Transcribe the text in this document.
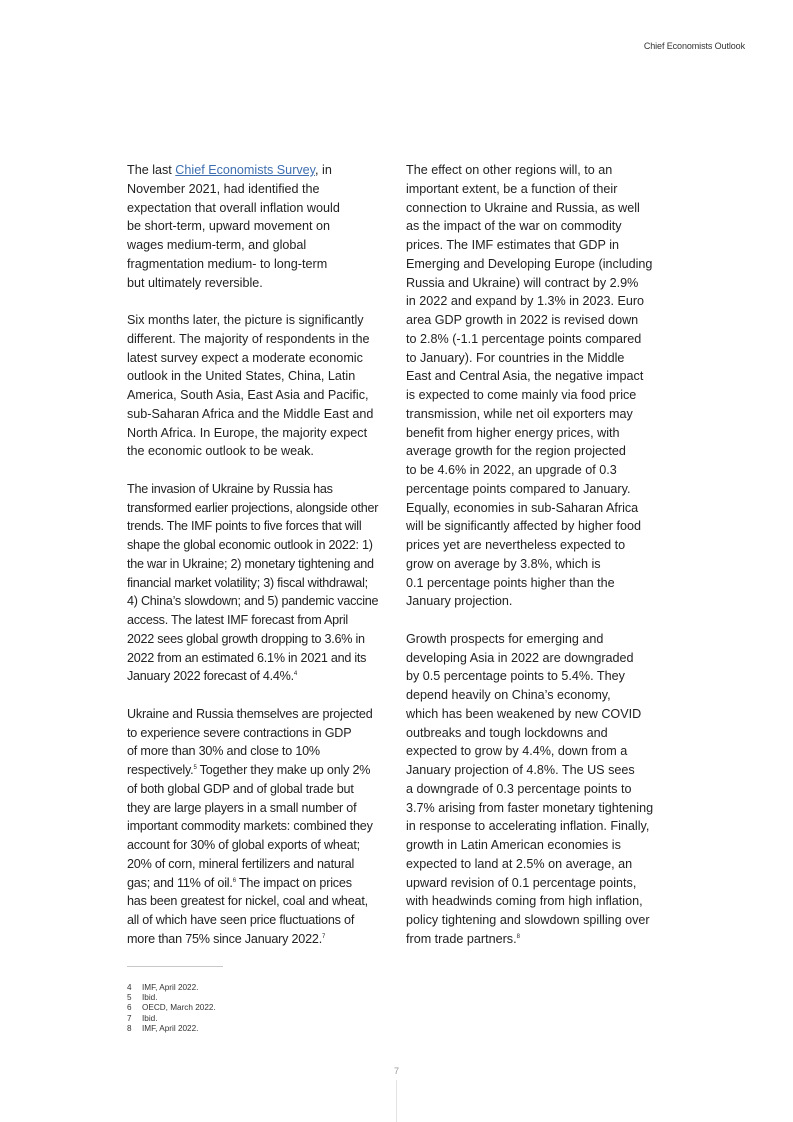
Chief Economists Outlook

The last Chief Economists Survey, in
November 2021, had identified the
expectation that overall inflation would
be short-term, upward movement on
wages medium-term, and global
fragmentation medium- to long-term
but ultimately reversible.

Six months later, the picture is significantly
different. The majority of respondents in the
latest survey expect a moderate economic
outlook in the United States, China, Latin
America, South Asia, East Asia and Pacific,
sub-Saharan Africa and the Middle East and
North Africa. In Europe, the majority expect
the economic outlook to be weak.

The invasion of Ukraine by Russia has
transformed earlier projections, alongside other
trends. The IMF points to five forces that will
shape the global economic outlook in 2022: 1)
the war in Ukraine; 2) monetary tightening and
financial market volatility; 3) fiscal withdrawal;
4) China’s slowdown; and 5) pandemic vaccine
access. The latest IMF forecast from April
2022 sees global growth dropping to 3.6% in
2022 from an estimated 6.1% in 2021 and its
January 2022 forecast of 4.4%.$^4$

Ukraine and Russia themselves are projected
to experience severe contractions in GDP
of more than 30% and close to 10%
respectively.$^5$ Together they make up only 2%
of both global GDP and of global trade but
they are large players in a small number of
important commodity markets: combined they
account for 30% of global exports of wheat;
20% of corn, mineral fertilizers and natural
gas; and 11% of oil.$^6$ The impact on prices
has been greatest for nickel, coal and wheat,
all of which have seen price fluctuations of
more than 75% since January 2022.$^7$

The effect on other regions will, to an
important extent, be a function of their
connection to Ukraine and Russia, as well
as the impact of the war on commodity
prices. The IMF estimates that GDP in
Emerging and Developing Europe (including
Russia and Ukraine) will contract by 2.9%
in 2022 and expand by 1.3% in 2023. Euro
area GDP growth in 2022 is revised down
to 2.8% (-1.1 percentage points compared
to January). For countries in the Middle
East and Central Asia, the negative impact
is expected to come mainly via food price
transmission, while net oil exporters may
benefit from higher energy prices, with
average growth for the region projected
to be 4.6% in 2022, an upgrade of 0.3
percentage points compared to January.
Equally, economies in sub-Saharan Africa
will be significantly affected by higher food
prices yet are nevertheless expected to
grow on average by 3.8%, which is
0.1 percentage points higher than the
January projection.

Growth prospects for emerging and
developing Asia in 2022 are downgraded
by 0.5 percentage points to 5.4%. They
depend heavily on China’s economy,
which has been weakened by new COVID
outbreaks and tough lockdowns and
expected to grow by 4.4%, down from a
January projection of 4.8%. The US sees
a downgrade of 0.3 percentage points to
3.7% arising from faster monetary tightening
in response to accelerating inflation. Finally,
growth in Latin American economies is
expected to land at 2.5% on average, an
upward revision of 0.1 percentage points,
with headwinds coming from high inflation,
policy tightening and slowdown spilling over
from trade partners.$^8$

4 IMF, April 2022.
5 Ibid.
6 OECD, March 2022.
7 Ibid.
8 IMF, April 2022.
7
